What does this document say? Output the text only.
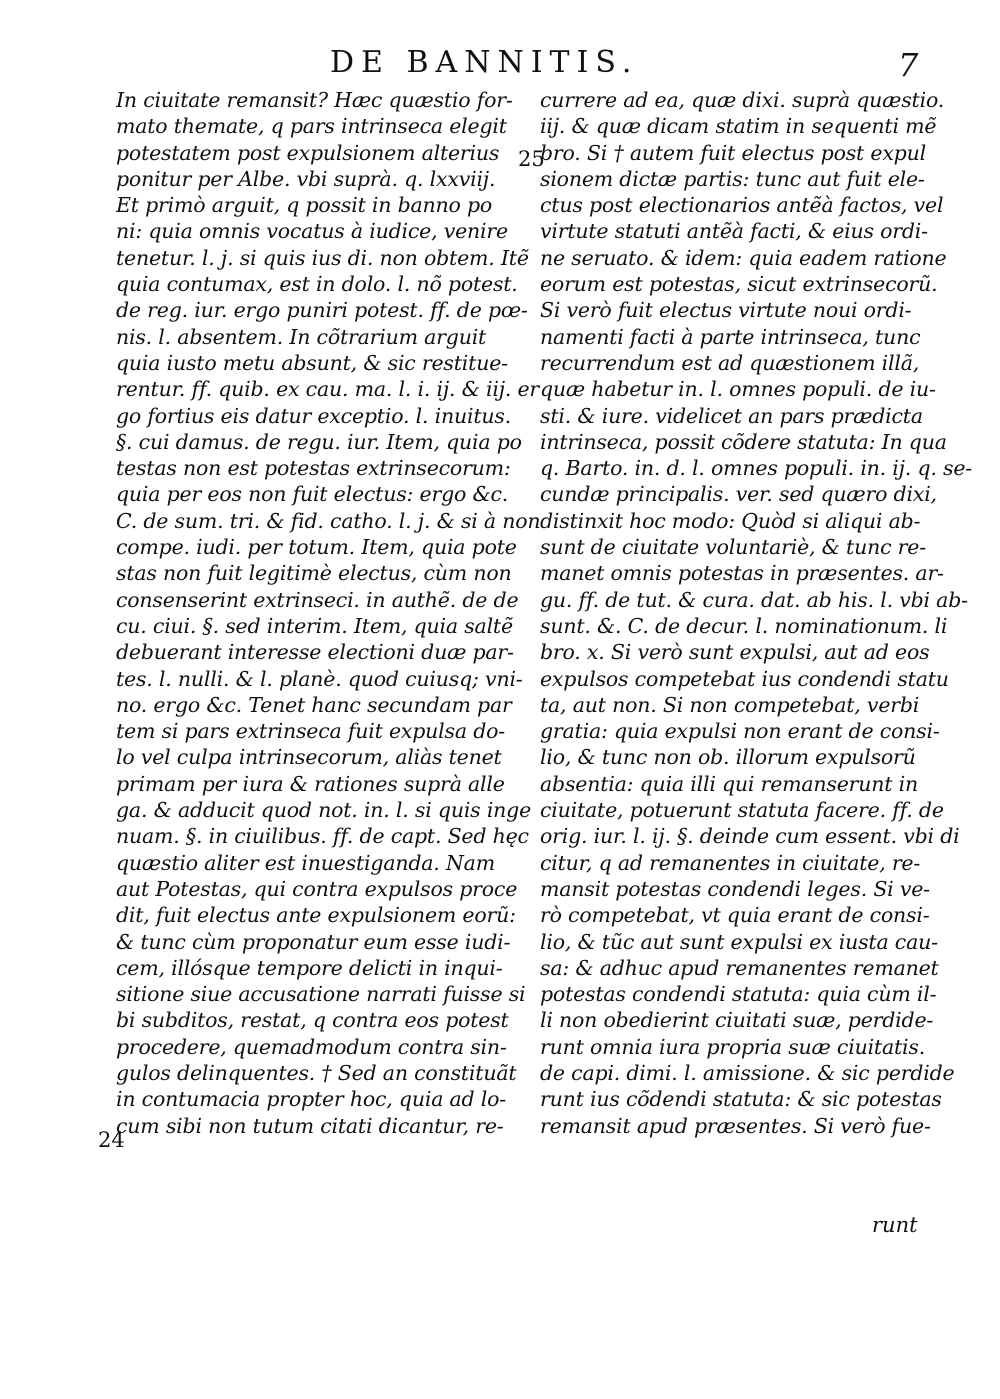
DE BANNITIS.	7
In ciuitate remansit? Hæc quæstio for-
mato themate, q pars intrinseca elegit
potestatem post expulsionem alterius
ponitur per Albe. vbi suprà. q. lxxviij.
Et primò arguit, q possit in banno po
ni: quia omnis vocatus à iudice, venire
tenetur. l. j. si quis ius di. non obtem. Itẽ
quia contumax, est in dolo. l. nõ potest.
de reg. iur. ergo puniri potest. ff. de pœ-
nis. l. absentem. In cõtrarium arguit
quia iusto metu absunt, & sic restitue-
rentur. ff. quib. ex cau. ma. l. i. ij. & iij. er
go fortius eis datur exceptio. l. inuitus.
§. cui damus. de regu. iur. Item, quia po
testas non est potestas extrinsecorum:
quia per eos non fuit electus: ergo &c.
C. de sum. tri. & fid. catho. l. j. & si à non
compe. iudi. per totum. Item, quia pote
stas non fuit legitimè electus, cùm non
consenserint extrinseci. in authẽ. de de
cu. ciui. §. sed interim. Item, quia saltẽ
debuerant interesse electioni duæ par-
tes. l. nulli. & l. planè. quod cuiusq; vni-
no. ergo &c. Tenet hanc secundam par
tem si pars extrinseca fuit expulsa do-
lo vel culpa intrinsecorum, aliàs tenet
primam per iura & rationes suprà alle
ga. & adducit quod not. in. l. si quis inge
nuam. §. in ciuilibus. ff. de capt. Sed hęc
quæstio aliter est inuestiganda. Nam
aut Potestas, qui contra expulsos proce
dit, fuit electus ante expulsionem eorũ:
& tunc cùm proponatur eum esse iudi-
cem, illósque tempore delicti in inqui-
sitione siue accusatione narrati fuisse si
bi subditos, restat, q contra eos potest
procedere, quemadmodum contra sin-
gulos delinquentes. † Sed an constituãt
in contumacia propter hoc, quia ad lo-
cum sibi non tutum citati dicantur, re-
currere ad ea, quæ dixi. suprà quæstio.
iij. & quæ dicam statim in sequenti mẽ
bro. Si † autem fuit electus post expul
sionem dictæ partis: tunc aut fuit ele-
ctus post electionarios antẽà factos, vel
virtute statuti antẽà facti, & eius ordi-
ne seruato. & idem: quia eadem ratione
eorum est potestas, sicut extrinsecorũ.
Si verò fuit electus virtute noui ordi-
namenti facti à parte intrinseca, tunc
recurrendum est ad quæstionem illã,
quæ habetur in. l. omnes populi. de iu-
sti. & iure. videlicet an pars prædicta
intrinseca, possit cõdere statuta: In qua
q. Barto. in. d. l. omnes populi. in. ij. q. se-
cundæ principalis. ver. sed quæro dixi,
distinxit hoc modo: Quòd si aliqui ab-
sunt de ciuitate voluntariè, & tunc re-
manet omnis potestas in præsentes. ar-
gu. ff. de tut. & cura. dat. ab his. l. vbi ab-
sunt. &. C. de decur. l. nominationum. li
bro. x. Si verò sunt expulsi, aut ad eos
expulsos competebat ius condendi statu
ta, aut non. Si non competebat, verbi
gratia: quia expulsi non erant de consi-
lio, & tunc non ob. illorum expulsorũ
absentia: quia illi qui remanserunt in
ciuitate, potuerunt statuta facere. ff. de
orig. iur. l. ij. §. deinde cum essent. vbi di
citur, q ad remanentes in ciuitate, re-
mansit potestas condendi leges. Si ve-
rò competebat, vt quia erant de consi-
lio, & tũc aut sunt expulsi ex iusta cau-
sa: & adhuc apud remanentes remanet
potestas condendi statuta: quia cùm il-
li non obedierint ciuitati suæ, perdide-
runt omnia iura propria suæ ciuitatis.
de capi. dimi. l. amissione. & sic perdide
runt ius cõdendi statuta: & sic potestas
remansit apud præsentes. Si verò fue-
25
24
runt
